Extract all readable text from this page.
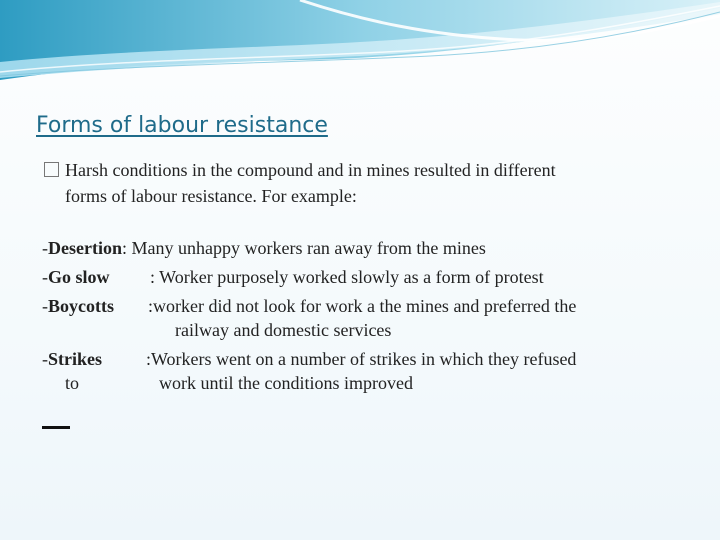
Forms of labour resistance
Harsh conditions in the compound and in mines resulted in different
forms of labour resistance. For example:
-Desertion: Many unhappy workers ran away from the mines
-Go slow : Worker purposely worked slowly as a form of protest
-Boycotts :worker did not look for work a the mines and preferred the
railway and domestic services
-Strikes :Workers went on a number of strikes in which they refused
to	work until the conditions improved
